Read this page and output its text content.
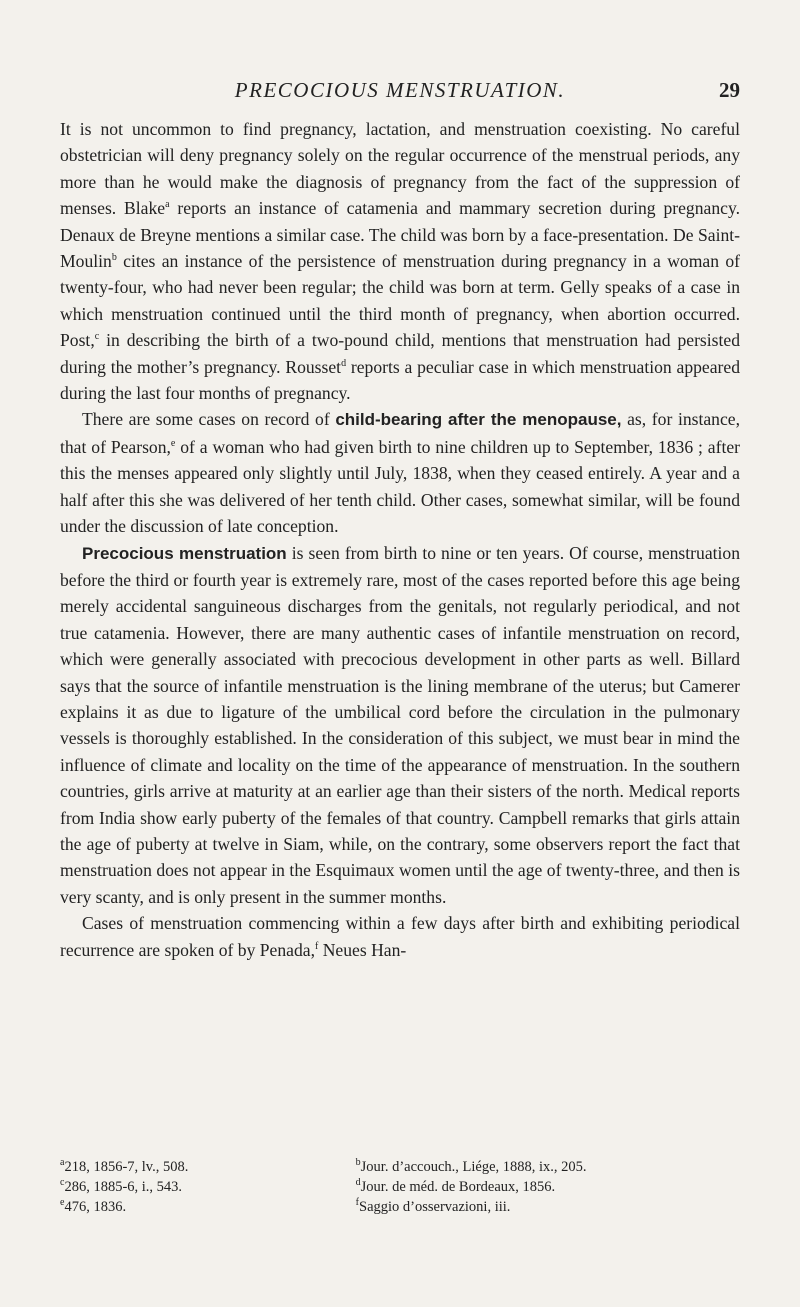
PRECOCIOUS MENSTRUATION.	29

It is not uncommon to find pregnancy, lactation, and menstruation coexisting. No careful obstetrician will deny pregnancy solely on the regular occurrence of the menstrual periods, any more than he would make the diagnosis of pregnancy from the fact of the suppression of menses. Blake$^a$ reports an instance of catamenia and mammary secretion during pregnancy. Denaux de Breyne mentions a similar case. The child was born by a face-presentation. De Saint-Moulin$^b$ cites an instance of the persistence of menstruation during pregnancy in a woman of twenty-four, who had never been regular; the child was born at term. Gelly speaks of a case in which menstruation continued until the third month of pregnancy, when abortion occurred. Post,$^c$ in describing the birth of a two-pound child, mentions that menstruation had persisted during the mother’s pregnancy. Rousset$^d$ reports a peculiar case in which menstruation appeared during the last four months of pregnancy.

There are some cases on record of child-bearing after the menopause, as, for instance, that of Pearson,$^e$ of a woman who had given birth to nine children up to September, 1836 ; after this the menses appeared only slightly until July, 1838, when they ceased entirely. A year and a half after this she was delivered of her tenth child. Other cases, somewhat similar, will be found under the discussion of late conception.

Precocious menstruation is seen from birth to nine or ten years. Of course, menstruation before the third or fourth year is extremely rare, most of the cases reported before this age being merely accidental sanguineous discharges from the genitals, not regularly periodical, and not true catamenia. However, there are many authentic cases of infantile menstruation on record, which were generally associated with precocious development in other parts as well. Billard says that the source of infantile menstruation is the lining membrane of the uterus; but Camerer explains it as due to ligature of the umbilical cord before the circulation in the pulmonary vessels is thoroughly established. In the consideration of this subject, we must bear in mind the influence of climate and locality on the time of the appearance of menstruation. In the southern countries, girls arrive at maturity at an earlier age than their sisters of the north. Medical reports from India show early puberty of the females of that country. Campbell remarks that girls attain the age of puberty at twelve in Siam, while, on the contrary, some observers report the fact that menstruation does not appear in the Esquimaux women until the age of twenty-three, and then is very scanty, and is only present in the summer months.

Cases of menstruation commencing within a few days after birth and exhibiting periodical recurrence are spoken of by Penada,$^f$ Neues Han-

$^a$218, 1856-7, lv., 508.
$^c$286, 1885-6, i., 543.
$^e$476, 1836.
$^b$Jour. d’accouch., Liége, 1888, ix., 205.
$^d$Jour. de méd. de Bordeaux, 1856.
$^f$Saggio d’osservazioni, iii.
